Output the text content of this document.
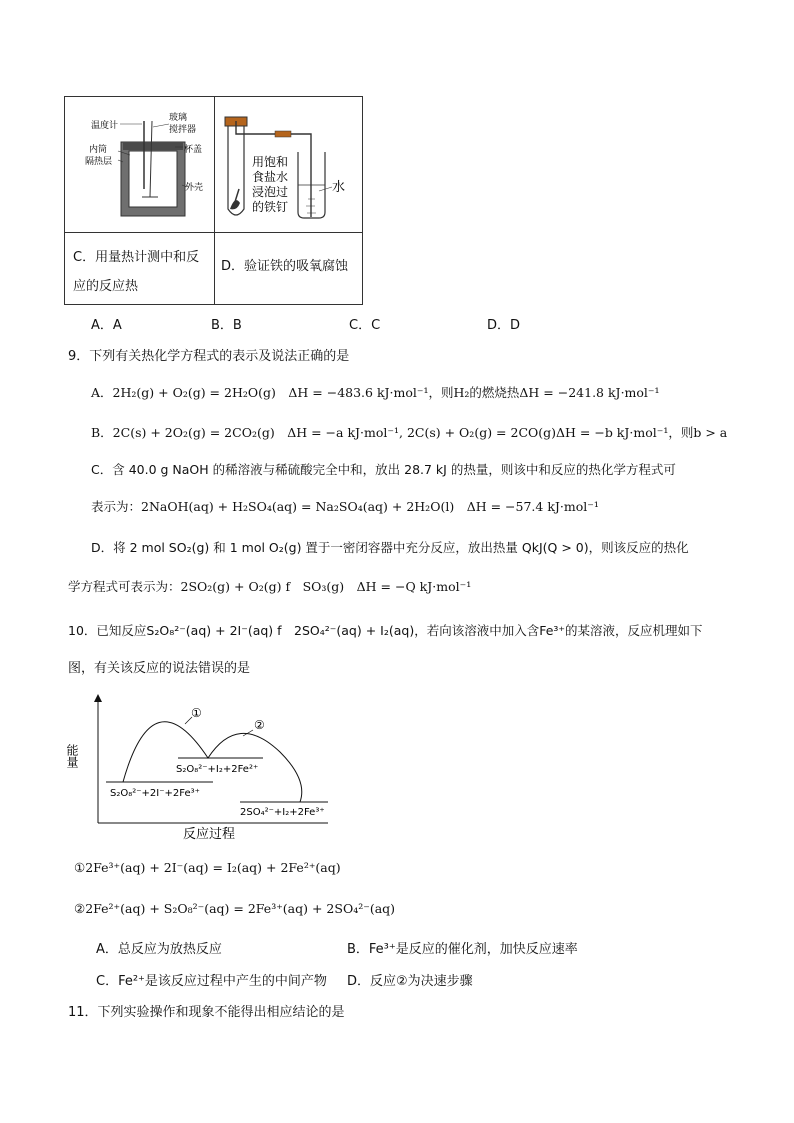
温度计
玻璃
搅拌器
杯盖
内筒
隔热层
外壳
用饱和
食盐水
浸泡过
的铁钉
水
C．用量热计测中和反应的反应热
D．验证铁的吸氧腐蚀
A．A	B．B	C．C	D．D
9．下列有关热化学方程式的表示及说法正确的是
A．2H₂(g) + O₂(g) = 2H₂O(g)　ΔH = −483.6 kJ·mol⁻¹，则H₂的燃烧热ΔH = −241.8 kJ·mol⁻¹
B．2C(s) + 2O₂(g) = 2CO₂(g)　ΔH = −a kJ·mol⁻¹, 2C(s) + O₂(g) = 2CO(g)ΔH = −b kJ·mol⁻¹，则b > a
C．含 40.0 g NaOH 的稀溶液与稀硫酸完全中和，放出 28.7 kJ 的热量，则该中和反应的热化学方程式可
表示为：2NaOH(aq) + H₂SO₄(aq) = Na₂SO₄(aq) + 2H₂O(l)　ΔH = −57.4 kJ·mol⁻¹
D．将 2 mol SO₂(g) 和 1 mol O₂(g) 置于一密闭容器中充分反应，放出热量 QkJ(Q > 0)，则该反应的热化
学方程式可表示为：2SO₂(g) + O₂(g) f　SO₃(g)　ΔH = −Q kJ·mol⁻¹
10．已知反应S₂O₈²⁻(aq) + 2I⁻(aq) f　2SO₄²⁻(aq) + I₂(aq)，若向该溶液中加入含Fe³⁺的某溶液，反应机理如下
图，有关该反应的说法错误的是
能量
反应过程
①
②
S₂O₈²⁻+I₂+2Fe²⁺
S₂O₈²⁻+2I⁻+2Fe³⁺
2SO₄²⁻+I₂+2Fe³⁺
①2Fe³⁺(aq) + 2I⁻(aq) = I₂(aq) + 2Fe²⁺(aq)
②2Fe²⁺(aq) + S₂O₈²⁻(aq) = 2Fe³⁺(aq) + 2SO₄²⁻(aq)
A．总反应为放热反应	B．Fe³⁺是反应的催化剂，加快反应速率
C．Fe²⁺是该反应过程中产生的中间产物 D．反应②为决速步骤
11．下列实验操作和现象不能得出相应结论的是
